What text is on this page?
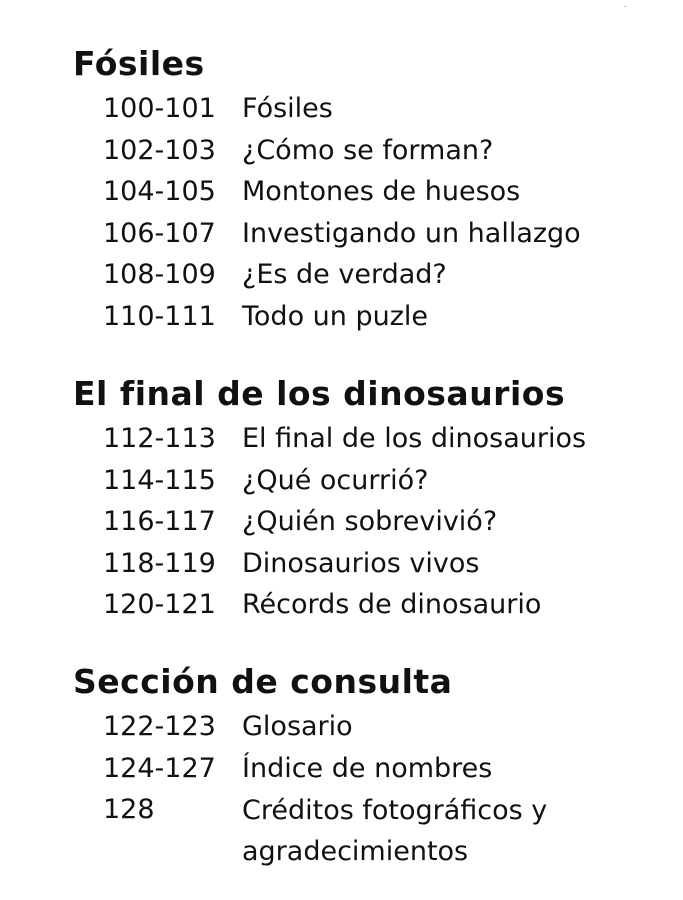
Fósiles
100-101 Fósiles
102-103 ¿Cómo se forman?
104-105 Montones de huesos
106-107 Investigando un hallazgo
108-109 ¿Es de verdad?
110-111 Todo un puzle
El final de los dinosaurios
112-113 El final de los dinosaurios
114-115 ¿Qué ocurrió?
116-117 ¿Quién sobrevivió?
118-119 Dinosaurios vivos
120-121 Récords de dinosaurio
Sección de consulta
122-123 Glosario
124-127 Índice de nombres
128	Créditos fotográficos y agradecimientos
